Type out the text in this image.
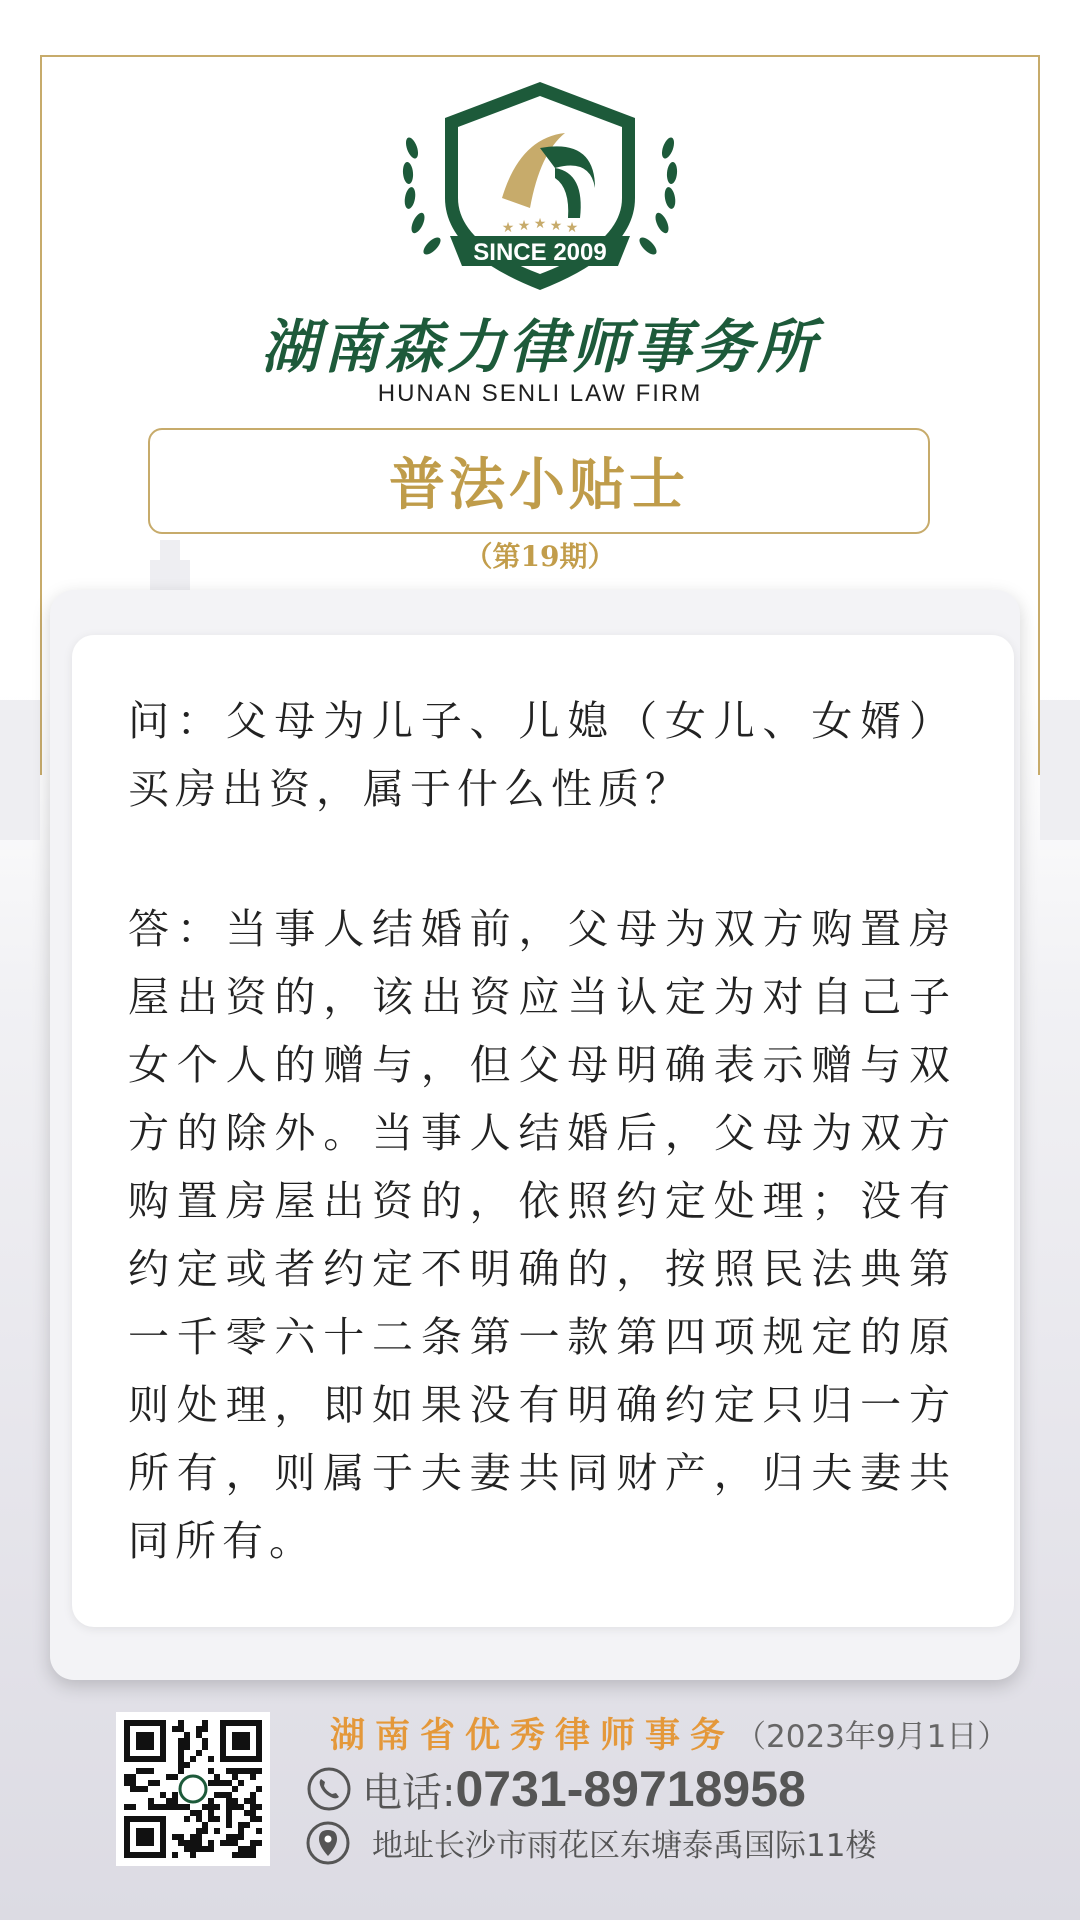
★ ★ ★ ★ ★
SINCE 2009
湖南森力律师事务所
HUNAN SENLI LAW FIRM
普法小贴士
（第19期）

问：父母为儿子、儿媳（女儿、女婿）买房出资，属于什么性质？

答：当事人结婚前，父母为双方购置房屋出资的，该出资应当认定为对自己子女个人的赠与，但父母明确表示赠与双方的除外。当事人结婚后，父母为双方购置房屋出资的，依照约定处理；没有约定或者约定不明确的，按照民法典第一千零六十二条第一款第四项规定的原则处理，即如果没有明确约定只归一方所有，则属于夫妻共同财产，归夫妻共同所有。

湖南省优秀律师事务（2023年9月1日）
电话: 0731-89718958
地址长沙市雨花区东塘泰禹国际11楼
